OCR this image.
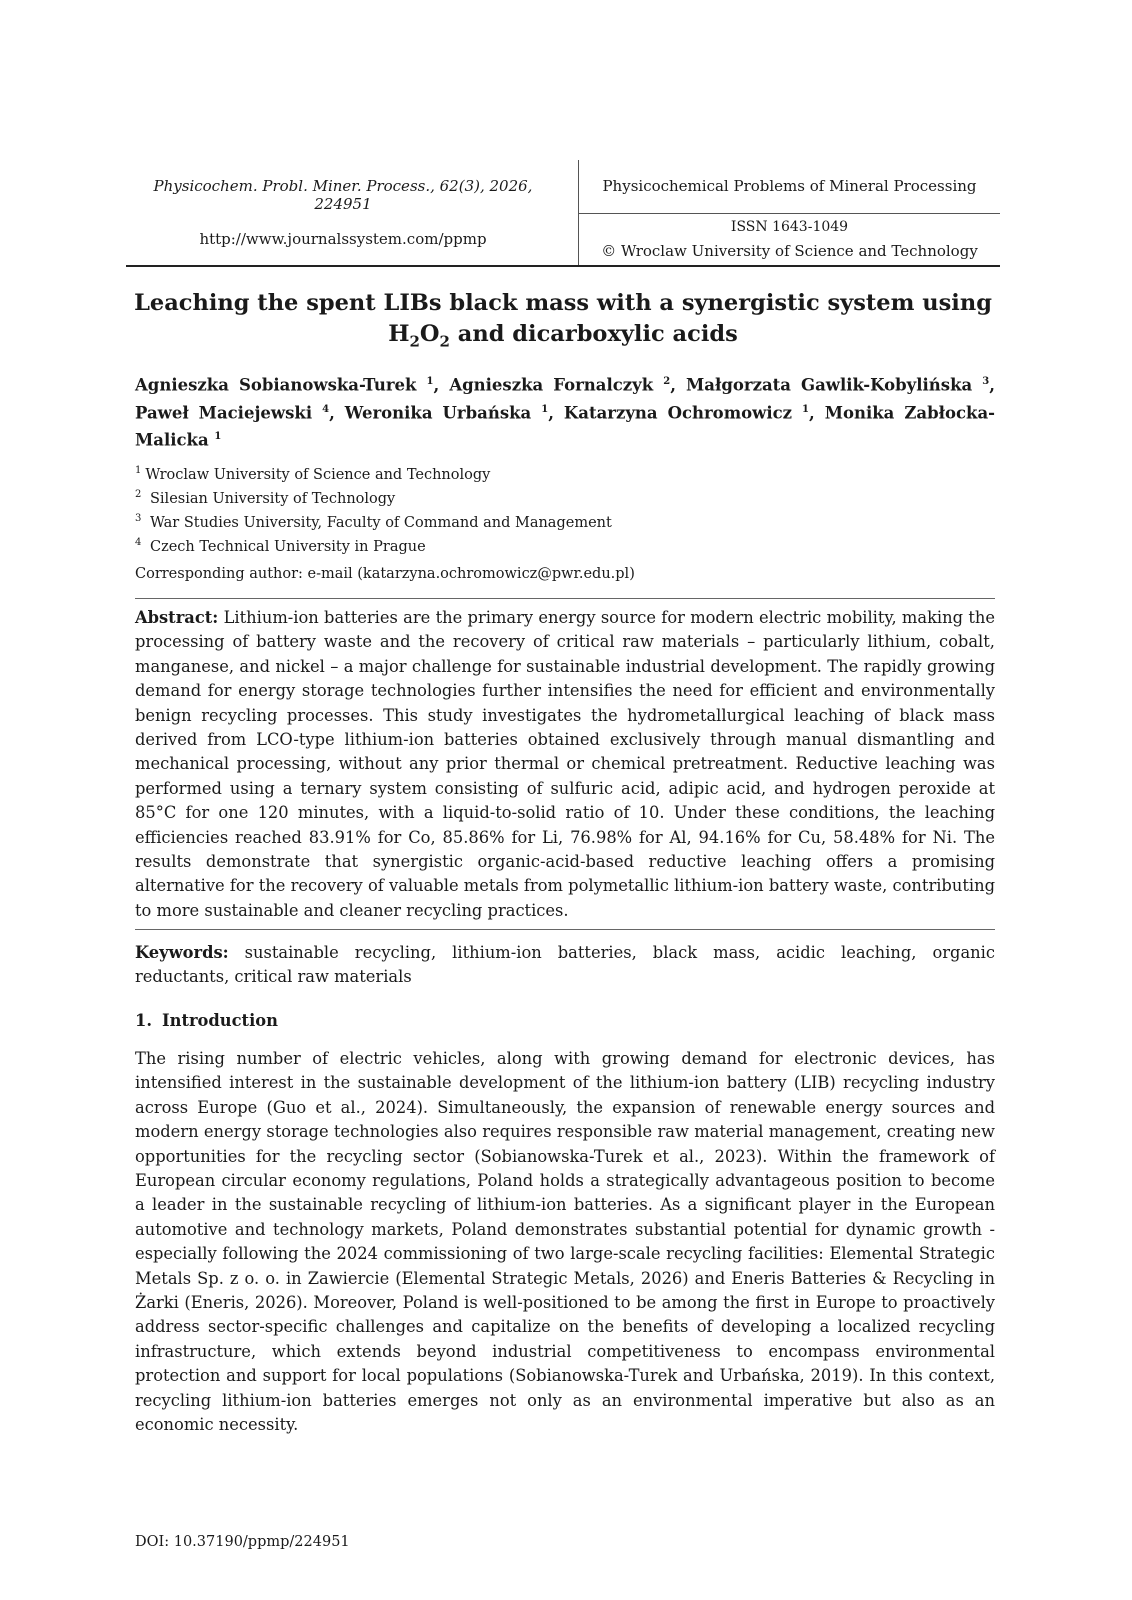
Physicochem. Probl. Miner. Process., 62(3), 2026, 224951
http://www.journalssystem.com/ppmp
Physicochemical Problems of Mineral Processing
ISSN 1643-1049
© Wroclaw University of Science and Technology
Leaching the spent LIBs black mass with a synergistic system using
$H_2O_2$ and dicarboxylic acids
Agnieszka Sobianowska-Turek $^1$, Agnieszka Fornalczyk $^2$, Małgorzata Gawlik-Kobylińska $^3$, Paweł Maciejewski $^4$, Weronika Urbańska $^1$, Katarzyna Ochromowicz $^1$, Monika Zabłocka-Malicka $^1$
$^1$ Wroclaw University of Science and Technology
$^2$ Silesian University of Technology
$^3$ War Studies University, Faculty of Command and Management
$^4$ Czech Technical University in Prague
Corresponding author: e-mail (katarzyna.ochromowicz@pwr.edu.pl)
Abstract: Lithium-ion batteries are the primary energy source for modern electric mobility, making the processing of battery waste and the recovery of critical raw materials – particularly lithium, cobalt, manganese, and nickel – a major challenge for sustainable industrial development. The rapidly growing demand for energy storage technologies further intensifies the need for efficient and environmentally benign recycling processes. This study investigates the hydrometallurgical leaching of black mass derived from LCO-type lithium-ion batteries obtained exclusively through manual dismantling and mechanical processing, without any prior thermal or chemical pretreatment. Reductive leaching was performed using a ternary system consisting of sulfuric acid, adipic acid, and hydrogen peroxide at 85°C for one 120 minutes, with a liquid-to-solid ratio of 10. Under these conditions, the leaching efficiencies reached 83.91% for Co, 85.86% for Li, 76.98% for Al, 94.16% for Cu, 58.48% for Ni. The results demonstrate that synergistic organic-acid-based reductive leaching offers a promising alternative for the recovery of valuable metals from polymetallic lithium-ion battery waste, contributing to more sustainable and cleaner recycling practices.
Keywords: sustainable recycling, lithium-ion batteries, black mass, acidic leaching, organic reductants, critical raw materials
1. Introduction
The rising number of electric vehicles, along with growing demand for electronic devices, has intensified interest in the sustainable development of the lithium-ion battery (LIB) recycling industry across Europe (Guo et al., 2024). Simultaneously, the expansion of renewable energy sources and modern energy storage technologies also requires responsible raw material management, creating new opportunities for the recycling sector (Sobianowska-Turek et al., 2023). Within the framework of European circular economy regulations, Poland holds a strategically advantageous position to become a leader in the sustainable recycling of lithium-ion batteries. As a significant player in the European automotive and technology markets, Poland demonstrates substantial potential for dynamic growth - especially following the 2024 commissioning of two large-scale recycling facilities: Elemental Strategic Metals Sp. z o. o. in Zawiercie (Elemental Strategic Metals, 2026) and Eneris Batteries & Recycling in Żarki (Eneris, 2026). Moreover, Poland is well-positioned to be among the first in Europe to proactively address sector-specific challenges and capitalize on the benefits of developing a localized recycling infrastructure, which extends beyond industrial competitiveness to encompass environmental protection and support for local populations (Sobianowska-Turek and Urbańska, 2019). In this context, recycling lithium-ion batteries emerges not only as an environmental imperative but also as an economic necessity.
DOI: 10.37190/ppmp/224951
